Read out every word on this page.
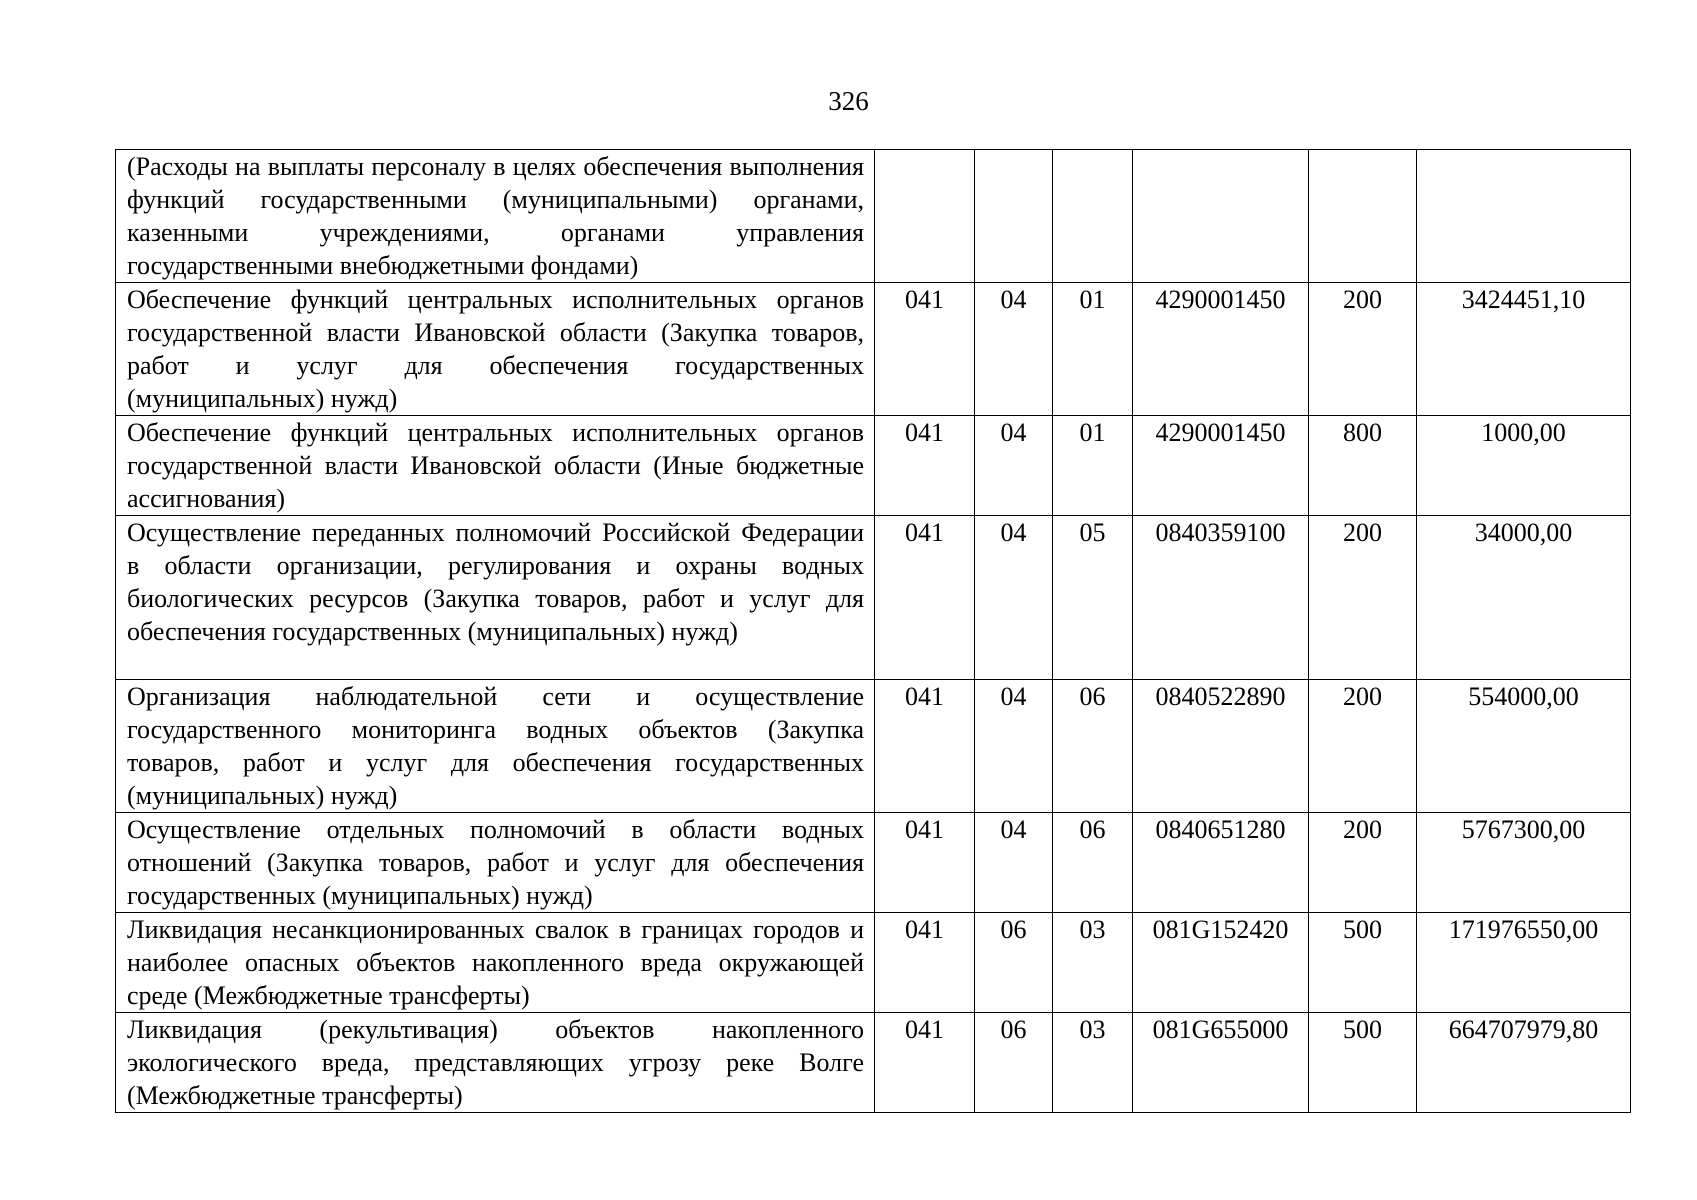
326
(Расходы на выплаты персоналу в целях обеспечения выполнения функций государственными (муниципальными) органами, казенными учреждениями, органами управления государственными внебюджетными фондами)						
Обеспечение функций центральных исполнительных органов государственной власти Ивановской области (Закупка товаров, работ и услуг для обеспечения государственных (муниципальных) нужд)	041	04	01	4290001450	200	3424451,10
Обеспечение функций центральных исполнительных органов государственной власти Ивановской области (Иные бюджетные ассигнования)	041	04	01	4290001450	800	1000,00
Осуществление переданных полномочий Российской Федерации в области организации, регулирования и охраны водных биологических ресурсов (Закупка товаров, работ и услуг для обеспечения государственных (муниципальных) нужд)	041	04	05	0840359100	200	34000,00
Организация наблюдательной сети и осуществление государственного мониторинга водных объектов (Закупка товаров, работ и услуг для обеспечения государственных (муниципальных) нужд)	041	04	06	0840522890	200	554000,00
Осуществление отдельных полномочий в области водных отношений (Закупка товаров, работ и услуг для обеспечения государственных (муниципальных) нужд)	041	04	06	0840651280	200	5767300,00
Ликвидация несанкционированных свалок в границах городов и наиболее опасных объектов накопленного вреда окружающей среде (Межбюджетные трансферты)	041	06	03	081G152420	500	171976550,00
Ликвидация (рекультивация) объектов накопленного экологического вреда, представляющих угрозу реке Волге (Межбюджетные трансферты)	041	06	03	081G655000	500	664707979,80
